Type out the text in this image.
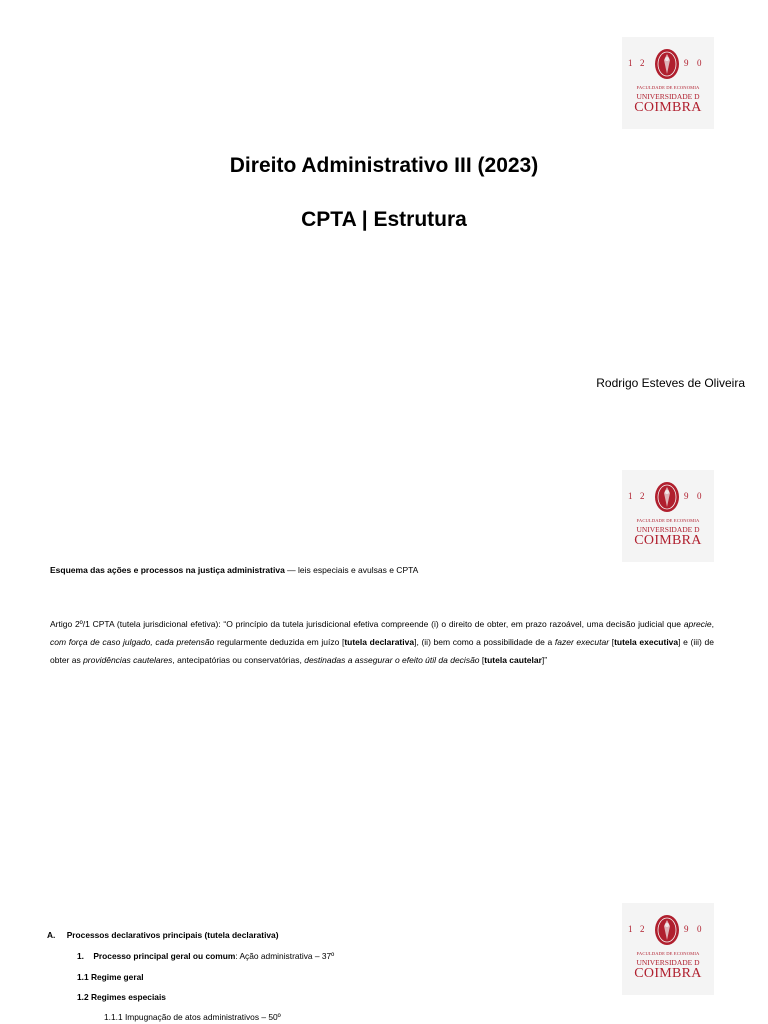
1 2	9 0
FACULDADE DE ECONOMIA
UNIVERSIDADE D
COIMBRA
Direito Administrativo III (2023)
CPTA | Estrutura
Rodrigo Esteves de Oliveira
1 2	9 0
FACULDADE DE ECONOMIA
UNIVERSIDADE D
COIMBRA
Esquema das ações e processos na justiça administrativa — leis especiais e avulsas e CPTA
Artigo 2º/1 CPTA (tutela jurisdicional efetiva): “O princípio da tutela jurisdicional efetiva compreende (i) o direito de obter, em prazo razoável, uma decisão judicial que aprecie, com força de caso julgado, cada pretensão regularmente deduzida em juízo [tutela declarativa], (ii) bem como a possibilidade de a fazer executar [tutela executiva] e (iii) de obter as providências cautelares, antecipatórias ou conservatórias, destinadas a assegurar o efeito útil da decisão [tutela cautelar]”
1 2	9 0
FACULDADE DE ECONOMIA
UNIVERSIDADE D
COIMBRA
A. Processos declarativos principais (tutela declarativa)
1. Processo principal geral ou comum: Ação administrativa – 37º
1.1 Regime geral
1.2 Regimes especiais
1.1.1 Impugnação de atos administrativos – 50º
